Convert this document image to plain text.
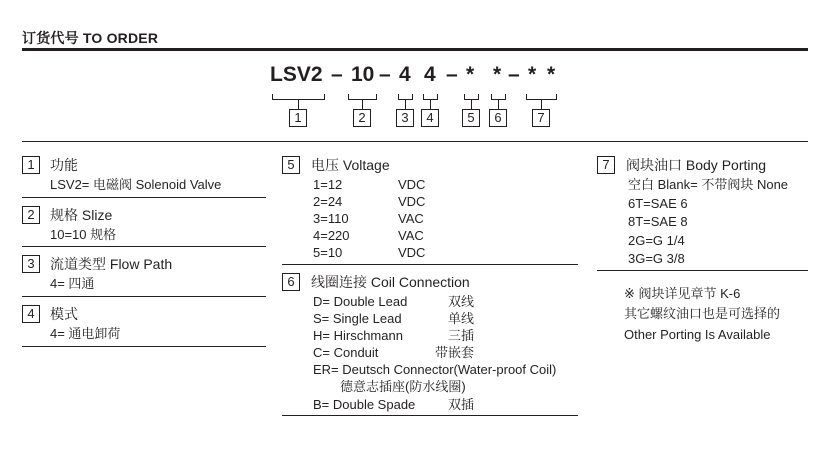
订货代号 TO ORDER
LSV2 – 10 – 4 4 – * * – * *
1	2	3	4	5	6	7
1	功能
LSV2= 电磁阀 Solenoid Valve
2	规格 Slize
10=10 规格
3	流道类型 Flow Path
4= 四通
4	模式
4= 通电卸荷
5	电压 Voltage
1=12	VDC
2=24	VDC
3=110	VAC
4=220	VAC
5=10	VDC
6	线圈连接 Coil Connection
D= Double Lead	双线
S= Single Lead	单线
H= Hirschmann	三插
C= Conduit	带嵌套
ER= Deutsch Connector(Water-proof Coil)
德意志插座(防水线圈)
B= Double Spade	双插
7	阀块油口 Body Porting
空白 Blank= 不带阀块 None
6T=SAE 6
8T=SAE 8
2G=G 1/4
3G=G 3/8
※ 阀块详见章节 K-6
其它螺纹油口也是可选择的
Other Porting Is Available
